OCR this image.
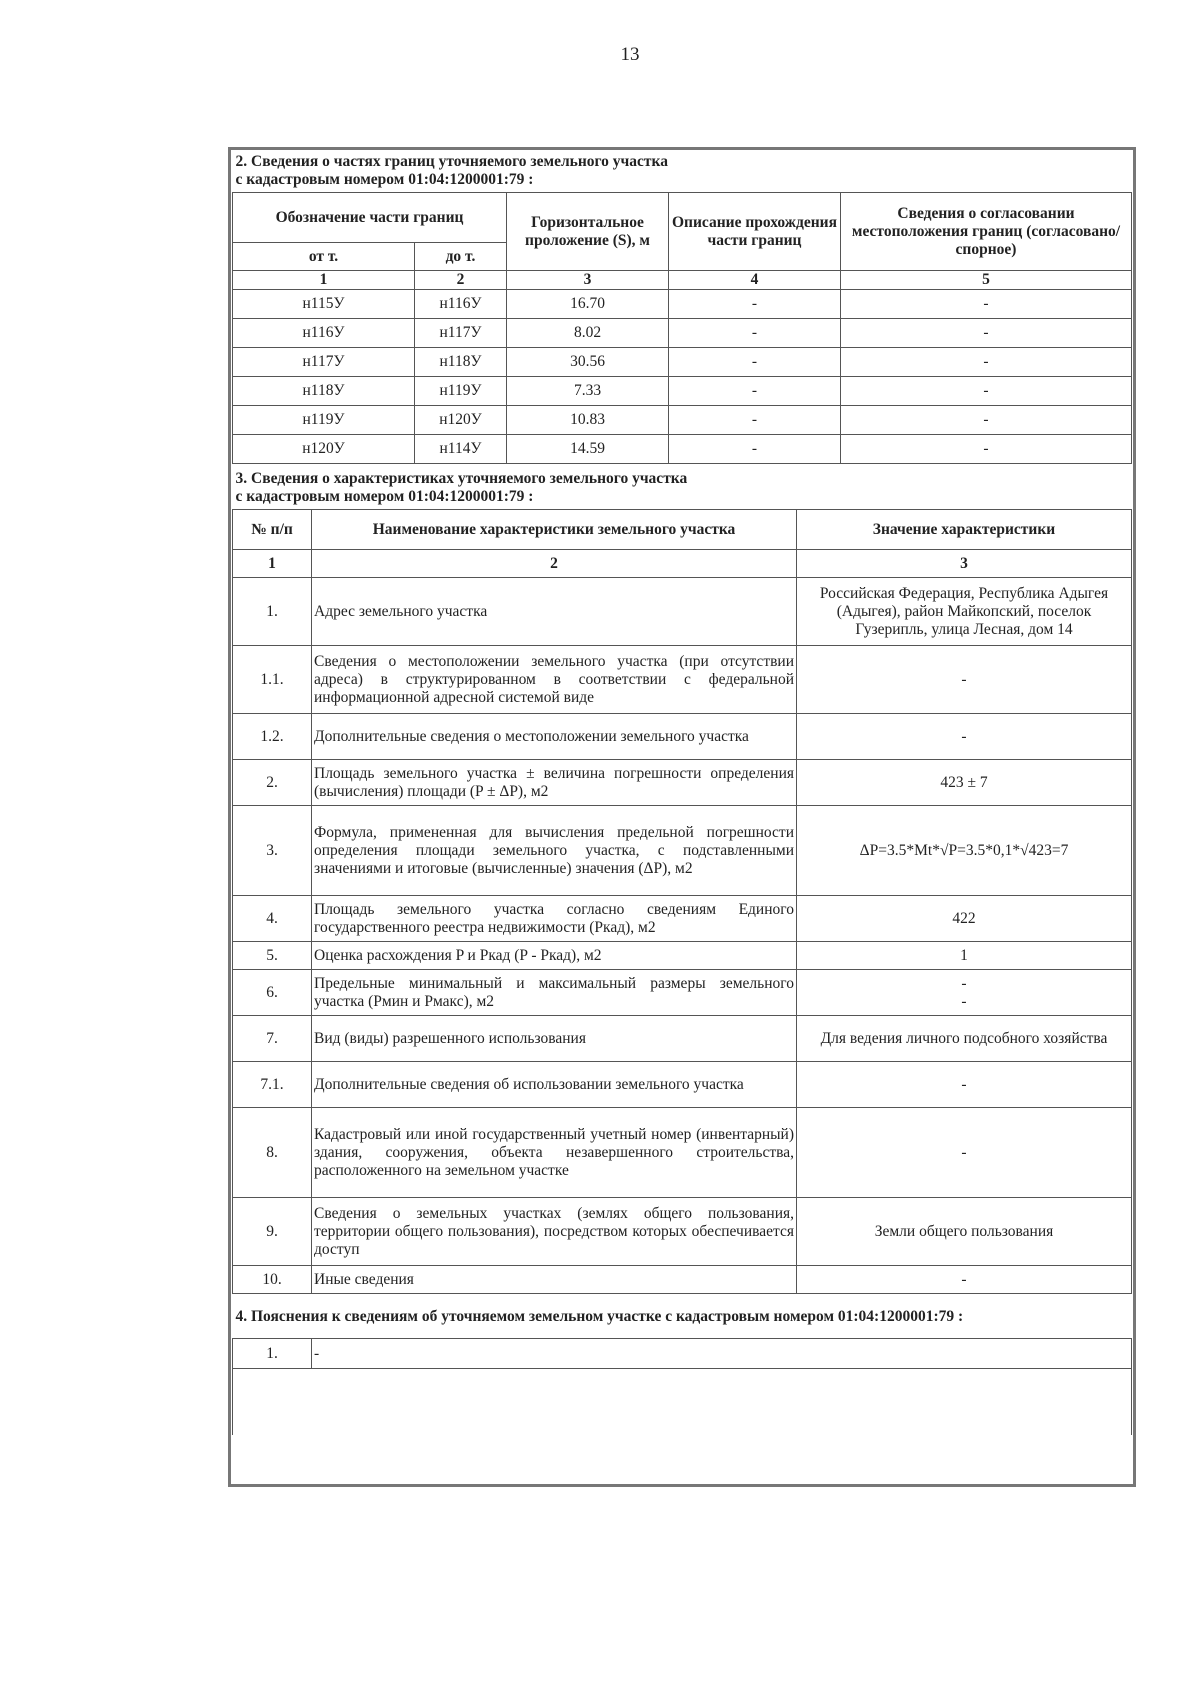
13
2. Сведения о частях границ уточняемого земельного участка
с кадастровым номером 01:04:1200001:79 :				

Обозначение части границ		Горизонтальное проложение (S), м	Описание прохождения части границ	Сведения о согласовании местоположения границ (согласовано/спорное)
от т.	до т.			
1	2	3	4	5
н115У	н116У	16.70	-	-
н116У	н117У	8.02	-	-
н117У	н118У	30.56	-	-
н118У	н119У	7.33	-	-
н119У	н120У	10.83	-	-
н120У	н114У	14.59	-	-
3. Сведения о характеристиках уточняемого земельного участка
с кадастровым номером 01:04:1200001:79 :		

№ п/п	Наименование характеристики земельного участка	Значение характеристики
1	2	3
1.	Адрес земельного участка	Российская Федерация, Республика Адыгея (Адыгея), район Майкопский, поселок Гузерипль, улица Лесная, дом 14
1.1.	Сведения о местоположении земельного участка (при отсутствии адреса) в структурированном в соответствии с федеральной информационной адресной системой виде	-
1.2.	Дополнительные сведения о местоположении земельного участка	-
2.	Площадь земельного участка ± величина погрешности определения (вычисления) площади (P ± ΔP), м2	423 ± 7
3.	Формула, примененная для вычисления предельной погрешности определения площади земельного участка, с подставленными значениями и итоговые (вычисленные) значения (ΔP), м2	ΔP=3.5*Mt*√P=3.5*0,1*√423=7
4.	Площадь земельного участка согласно сведениям Единого государственного реестра недвижимости (Pкад), м2	422
5.	Оценка расхождения P и Pкад (P - Pкад), м2	1
6.	Предельные минимальный и максимальный размеры земельного участка (Pмин и Pмакс), м2	-
-

7.	Вид (виды) разрешенного использования	Для ведения личного подсобного хозяйства
7.1.	Дополнительные сведения об использовании земельного участка	-
8.	Кадастровый или иной государственный учетный номер (инвентарный) здания, сооружения, объекта незавершенного строительства, расположенного на земельном участке	-
9.	Сведения о земельных участках (землях общего пользования, территории общего пользования), посредством которых обеспечивается доступ	Земли общего пользования
10.	Иные сведения	-
4. Пояснения к сведениям об уточняемом земельном участке с кадастровым номером 01:04:1200001:79 :
1.	-
